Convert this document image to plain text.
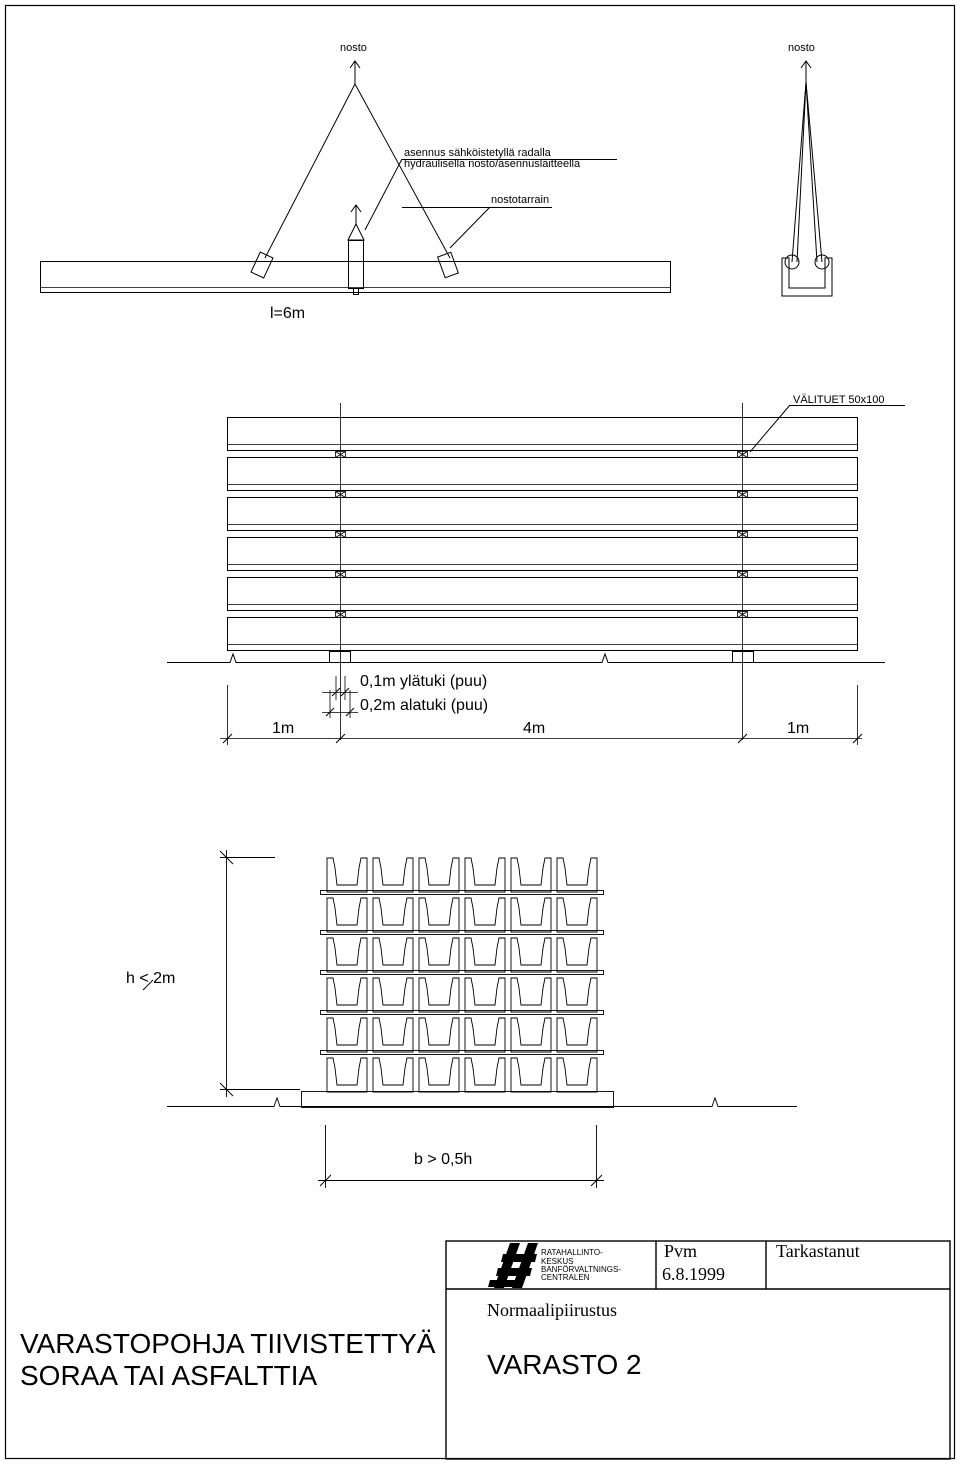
nosto	nosto
asennus sähköistetyllä radalla
hydraulisella nosto/asennuslaitteella
nostotarrain
l=6m
VÄLITUET 50x100
0,1m ylätuki (puu)
0,2m alatuki (puu)
1m	4m	1m
h < 2m
b > 0,5h
RATAHALLINTO-
KESKUS
BANFÖRVALTNINGS-
CENTRALEN
Pvm
6.8.1999
Tarkastanut
Normaalipiirustus
VARASTO 2
VARASTOPOHJA TIIVISTETTYÄ
SORAA TAI ASFALTTIA
